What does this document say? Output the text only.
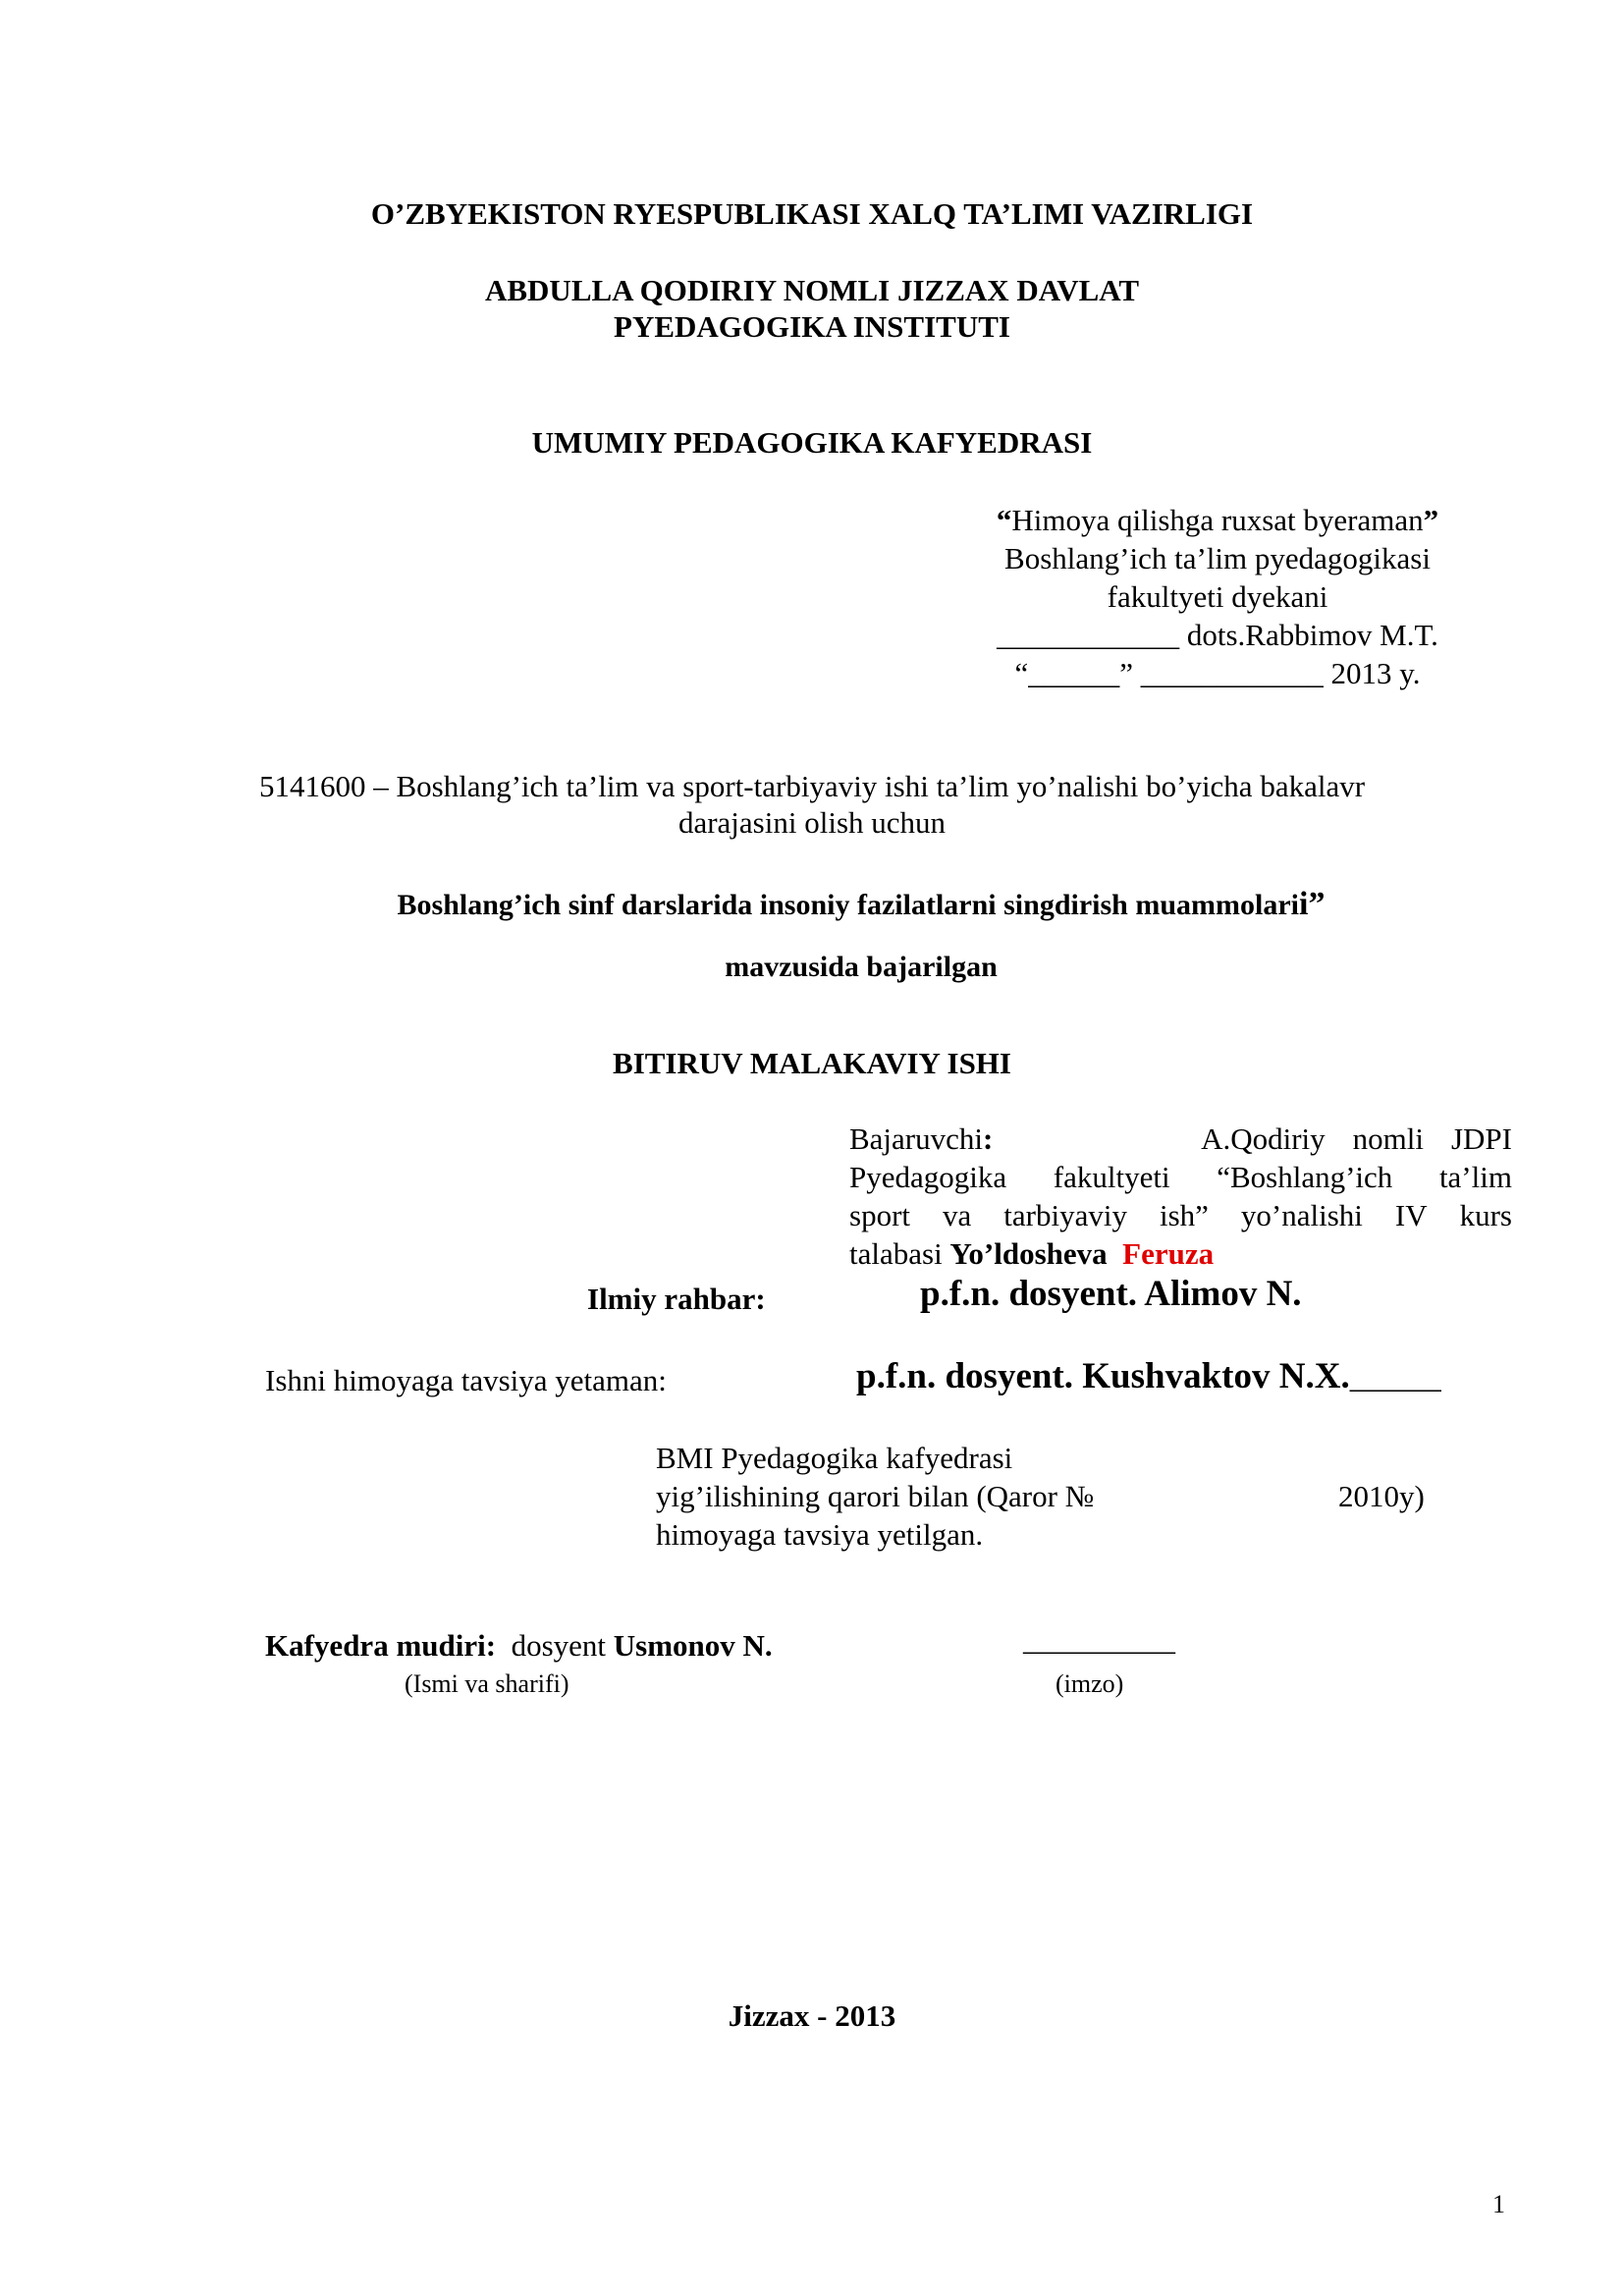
O’ZBYEKISTON RYESPUBLIKASI XALQ TA’LIMI VAZIRLIGI
ABDULLA QODIRIY NOMLI JIZZAX DAVLAT
PYEDAGOGIKA INSTITUTI
UMUMIY PEDAGOGIKA KAFYEDRASI
“Himoya qilishga ruxsat byeraman”
Boshlang’ich ta’lim pyedagogikasi
fakultyeti dyekani
____________ dots.Rabbimov M.T.
“______” ____________ 2013 y.
5141600 – Boshlang’ich ta’lim va sport-tarbiyaviy ishi ta’lim yo’nalishi bo’yicha bakalavr
darajasini olish uchun
Boshlang’ich sinf darslarida insoniy fazilatlarni singdirish muammolarii”
mavzusida bajarilgan
BITIRUV MALAKAVIY ISHI
Bajaruvchi:	A.Qodiriy nomli JDPI
Pyedagogika fakultyeti “Boshlang’ich ta’lim
sport va tarbiyaviy ish” yo’nalishi IV kurs
talabasi Yo’ldosheva Feruza
Ilmiy rahbar:	p.f.n. dosyent. Alimov N.
Ishni himoyaga tavsiya yetaman:	p.f.n. dosyent. Kushvaktov N.X.______
BMI Pyedagogika kafyedrasi
yig’ilishining qarori bilan (Qaror №	2010y)
himoyaga tavsiya yetilgan.
Kafyedra mudiri: dosyent Usmonov N.	__________
(Ismi va sharifi)	(imzo)
Jizzax - 2013
1
